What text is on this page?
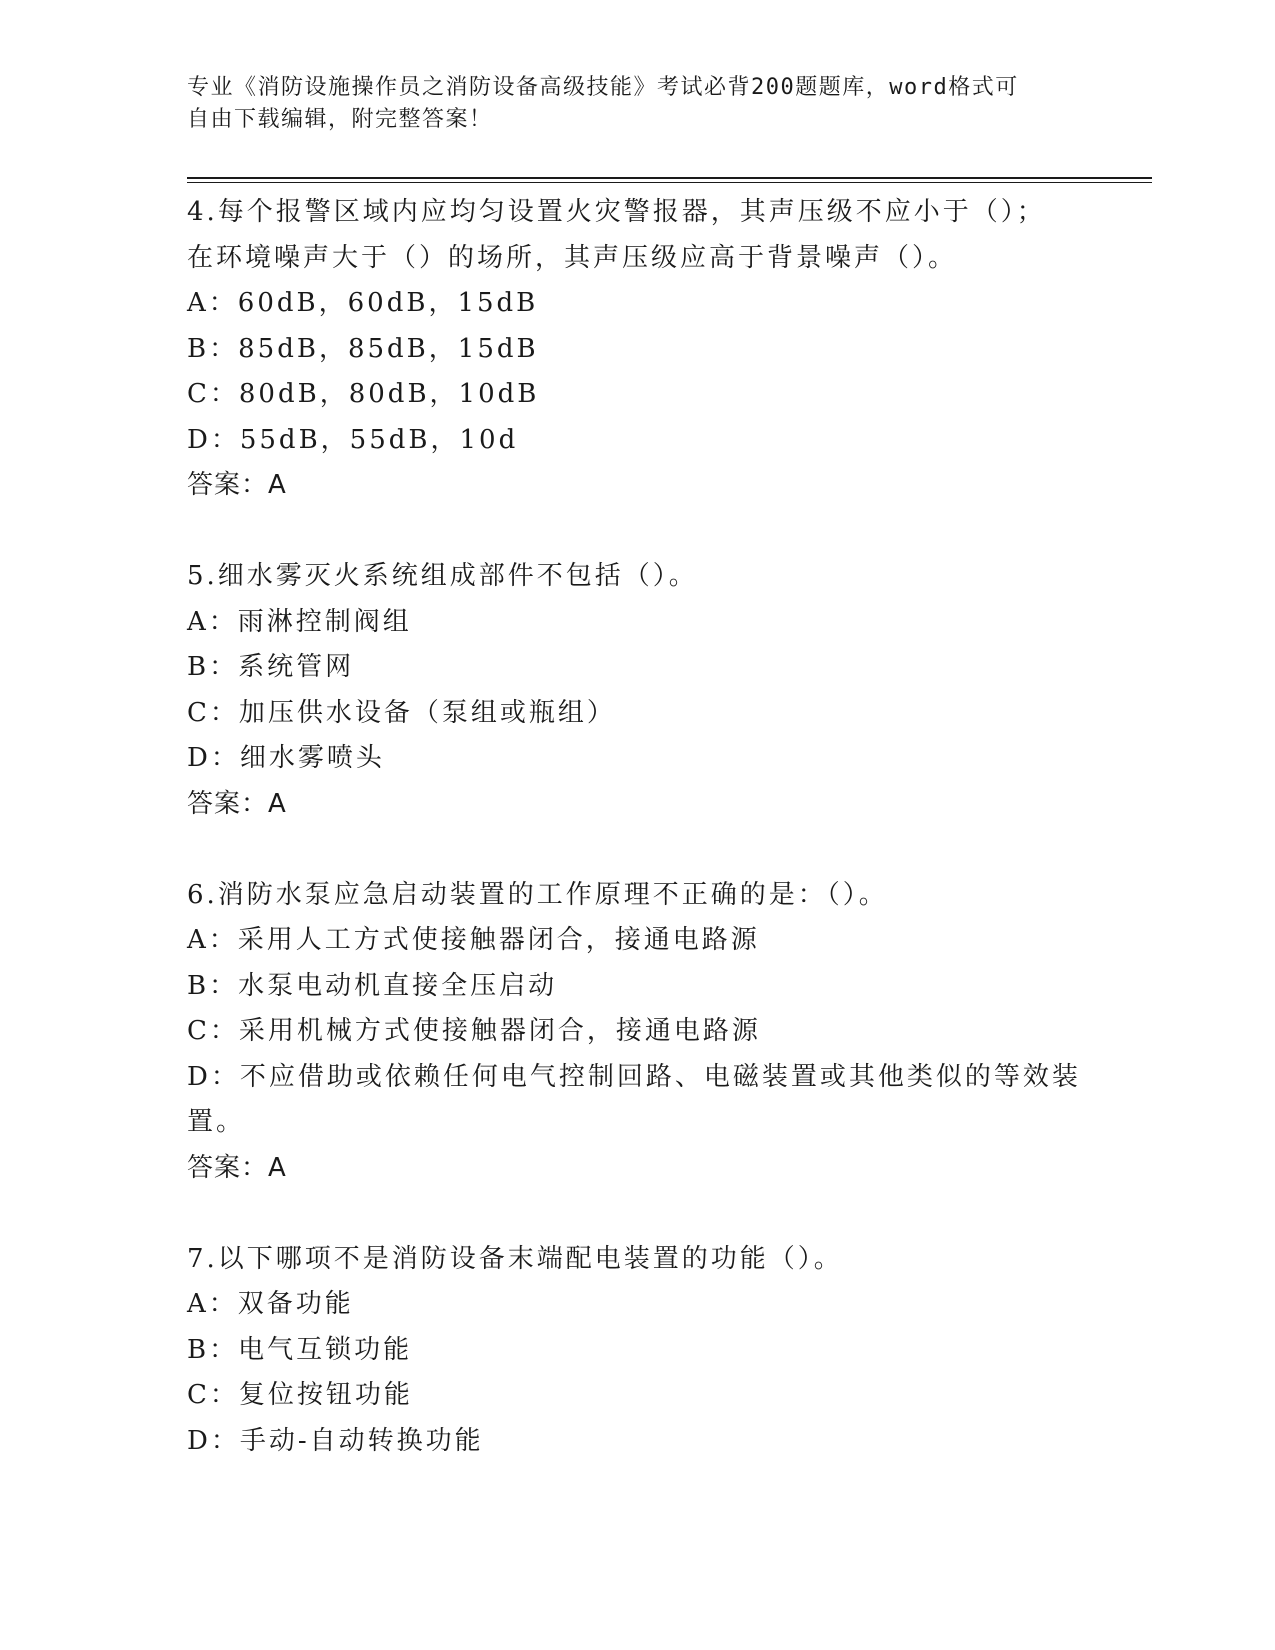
专业《消防设施操作员之消防设备高级技能》考试必背200题题库，word格式可
自由下载编辑，附完整答案！
4.每个报警区域内应均匀设置火灾警报器，其声压级不应小于（）；
在环境噪声大于（）的场所，其声压级应高于背景噪声（）。
A：60dB，60dB，15dB
B：85dB，85dB，15dB
C：80dB，80dB，10dB
D：55dB，55dB，10d
答案：A
5.细水雾灭火系统组成部件不包括（）。
A：雨淋控制阀组
B：系统管网
C：加压供水设备（泵组或瓶组）
D：细水雾喷头
答案：A
6.消防水泵应急启动装置的工作原理不正确的是：（）。
A：采用人工方式使接触器闭合，接通电路源
B：水泵电动机直接全压启动
C：采用机械方式使接触器闭合，接通电路源
D：不应借助或依赖任何电气控制回路、电磁装置或其他类似的等效装
置。
答案：A
7.以下哪项不是消防设备末端配电装置的功能（）。
A：双备功能
B：电气互锁功能
C：复位按钮功能
D：手动-自动转换功能
